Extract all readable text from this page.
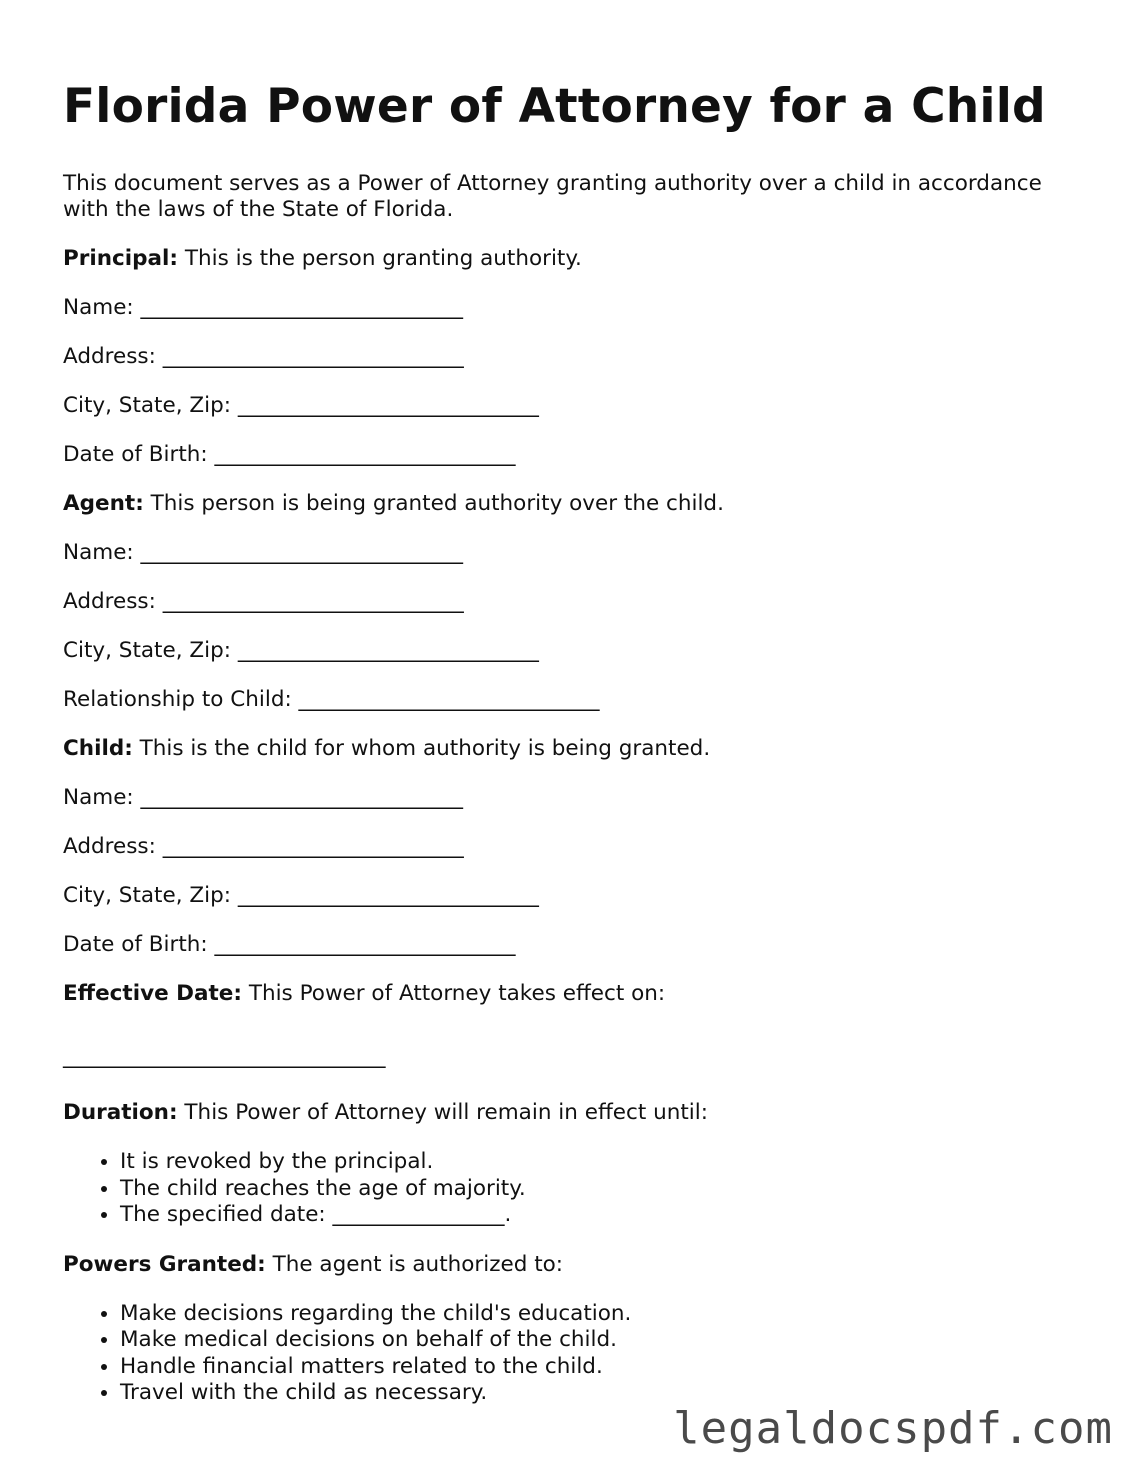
Florida Power of Attorney for a Child

This document serves as a Power of Attorney granting authority over a child in accordance with the laws of the State of Florida.

Principal: This is the person granting authority.

Name: ______________________________

Address: ____________________________

City, State, Zip: ____________________________

Date of Birth: ____________________________

Agent: This person is being granted authority over the child.

Name: ______________________________

Address: ____________________________

City, State, Zip: ____________________________

Relationship to Child: ____________________________

Child: This is the child for whom authority is being granted.

Name: ______________________________

Address: ____________________________

City, State, Zip: ____________________________

Date of Birth: ____________________________

Effective Date: This Power of Attorney takes effect on:

______________________________

Duration: This Power of Attorney will remain in effect until:

• It is revoked by the principal.
• The child reaches the age of majority.
• The specified date: ________________.

Powers Granted: The agent is authorized to:

• Make decisions regarding the child's education.
• Make medical decisions on behalf of the child.
• Handle financial matters related to the child.
• Travel with the child as necessary.
legaldocspdf.com
